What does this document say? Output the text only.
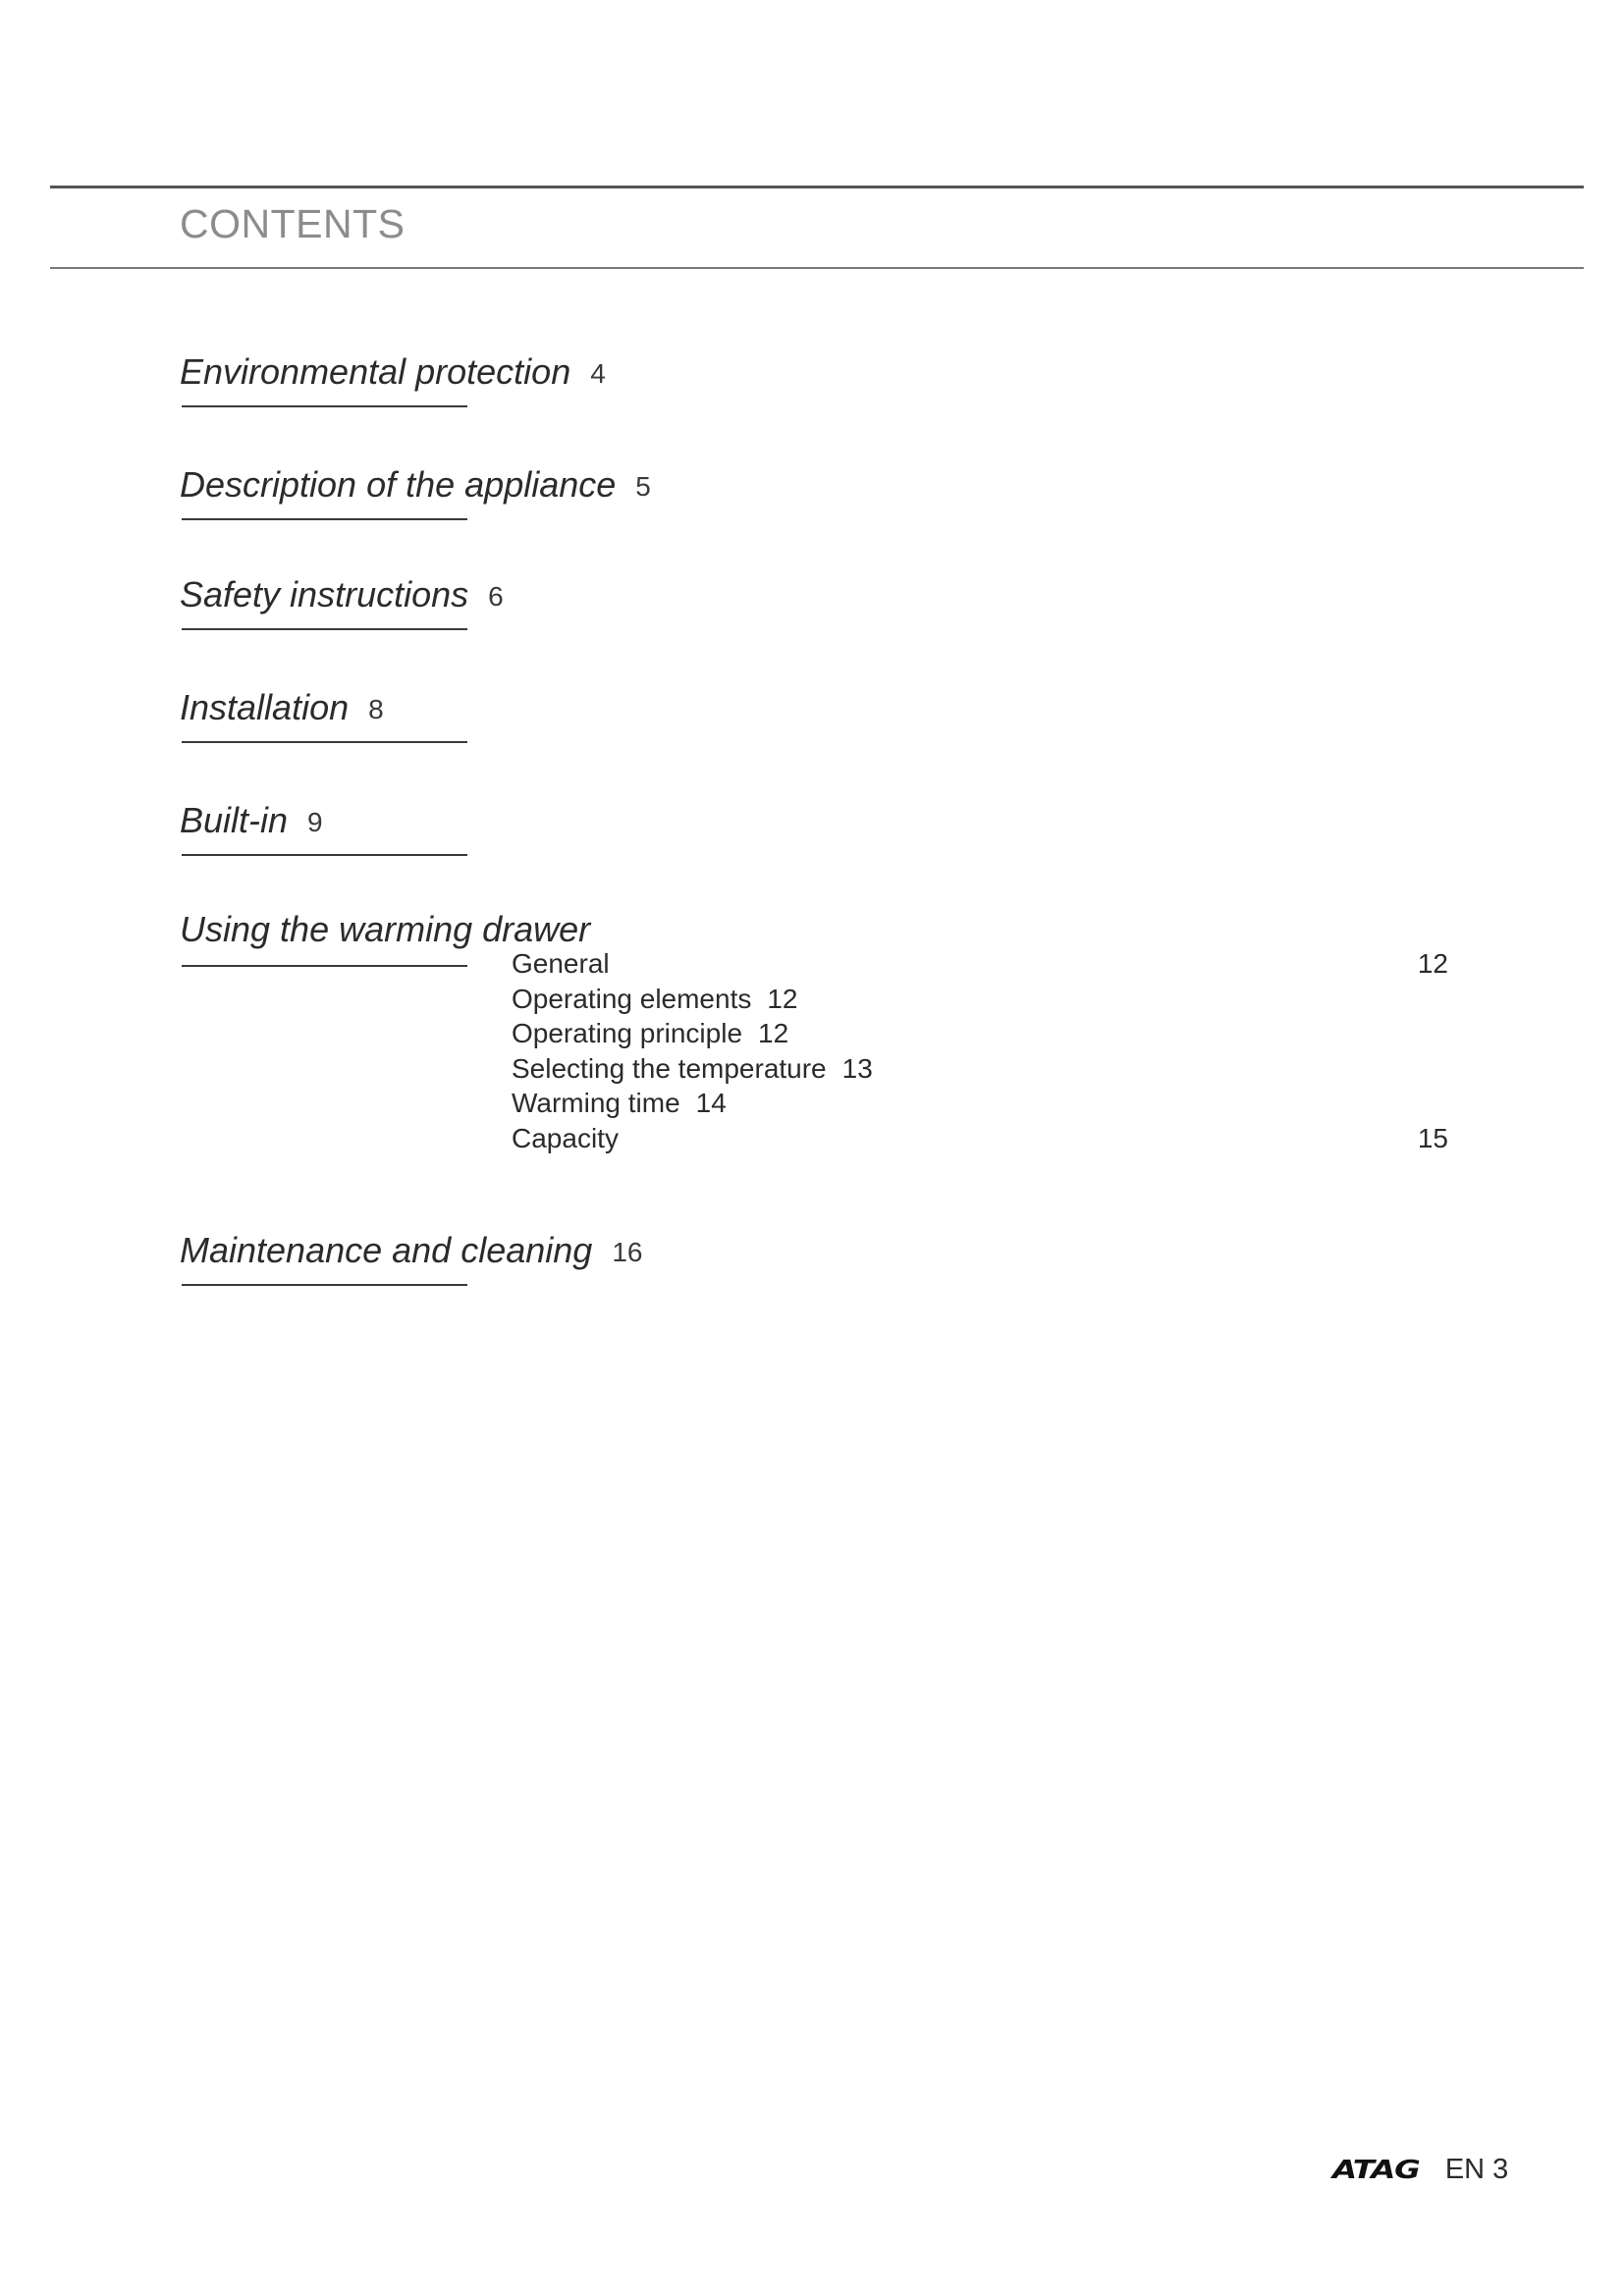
CONTENTS
Environmental protection 4
Description of the appliance 5
Safety instructions 6
Installation 8
Built-in 9
Using the warming drawer
General	12
Operating elements 12
Operating principle 12
Selecting the temperature 13
Warming time 14
Capacity	15
Maintenance and cleaning 16
ATAG EN 3
